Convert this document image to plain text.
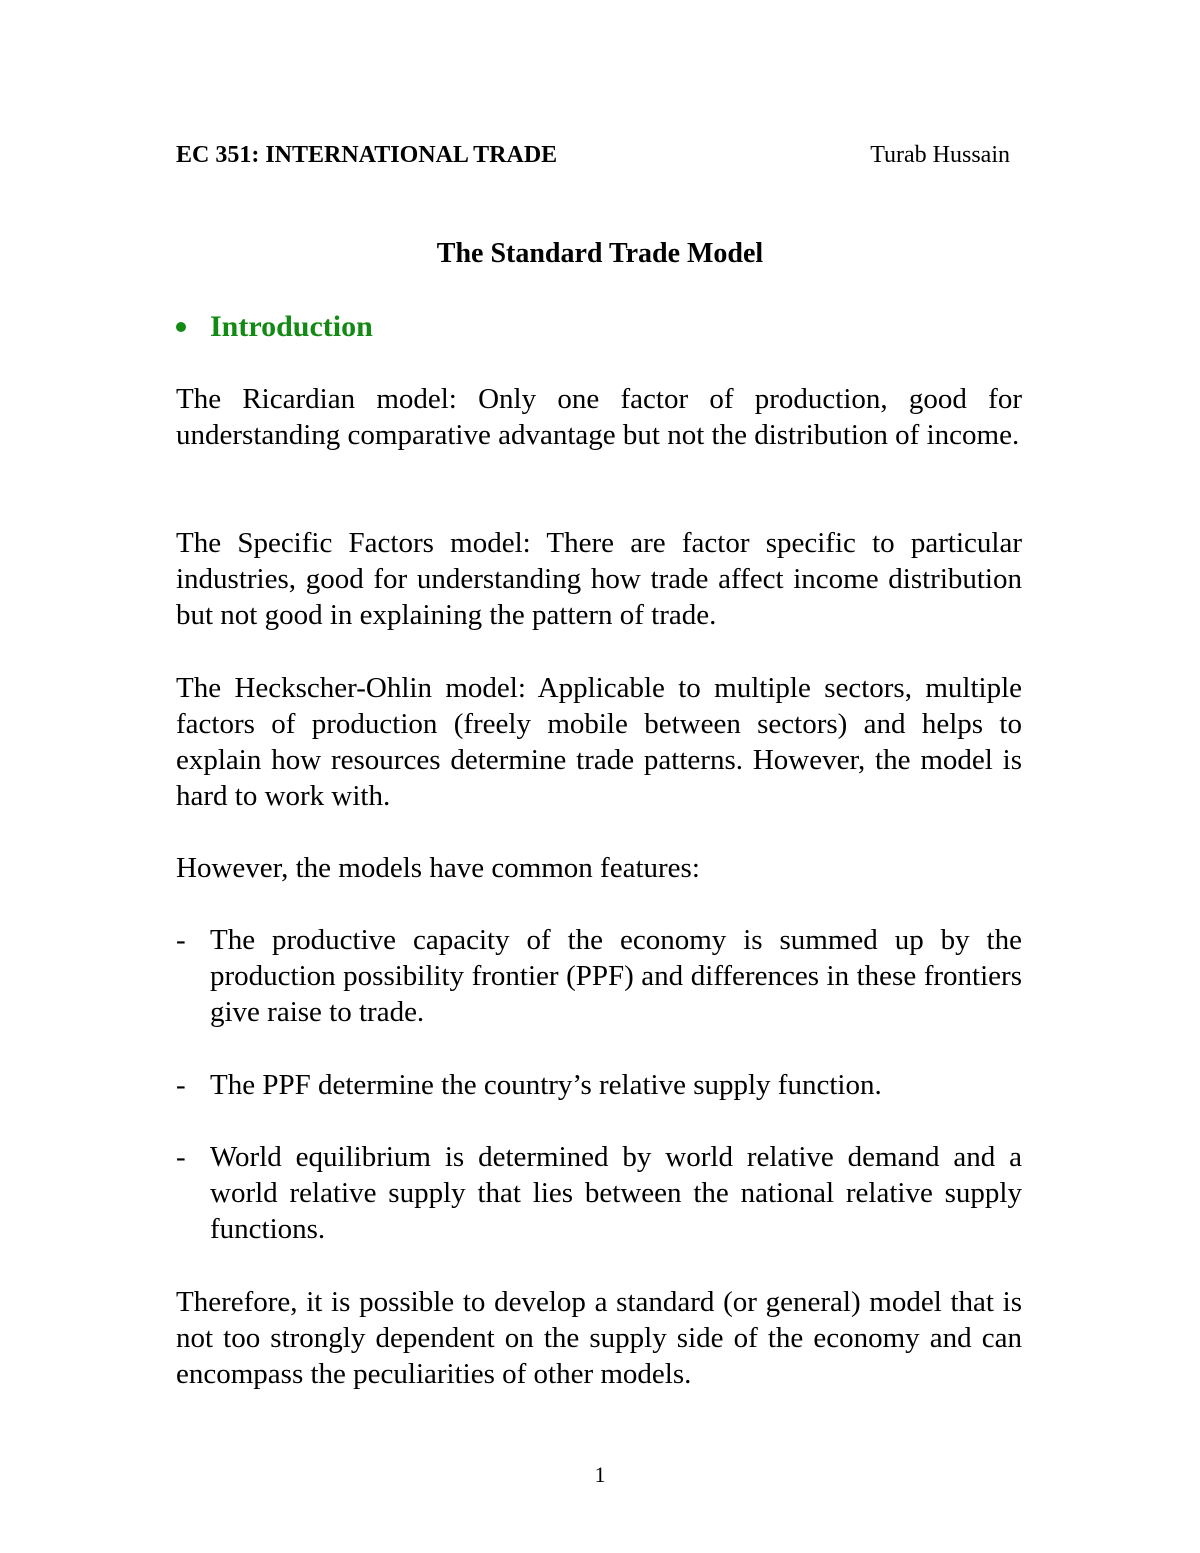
EC 351: INTERNATIONAL TRADE	Turab Hussain
The Standard Trade Model
Introduction

The Ricardian model: Only one factor of production, good for understanding comparative advantage but not the distribution of income.

The Specific Factors model: There are factor specific to particular industries, good for understanding how trade affect income distribution but not good in explaining the pattern of trade.

The Heckscher-Ohlin model: Applicable to multiple sectors, multiple factors of production (freely mobile between sectors) and helps to explain how resources determine trade patterns. However, the model is hard to work with.

However, the models have common features:

- The productive capacity of the economy is summed up by the production possibility frontier (PPF) and differences in these frontiers give raise to trade.
- The PPF determine the country’s relative supply function.
- World equilibrium is determined by world relative demand and a world relative supply that lies between the national relative supply functions.

Therefore, it is possible to develop a standard (or general) model that is not too strongly dependent on the supply side of the economy and can encompass the peculiarities of other models.

1
